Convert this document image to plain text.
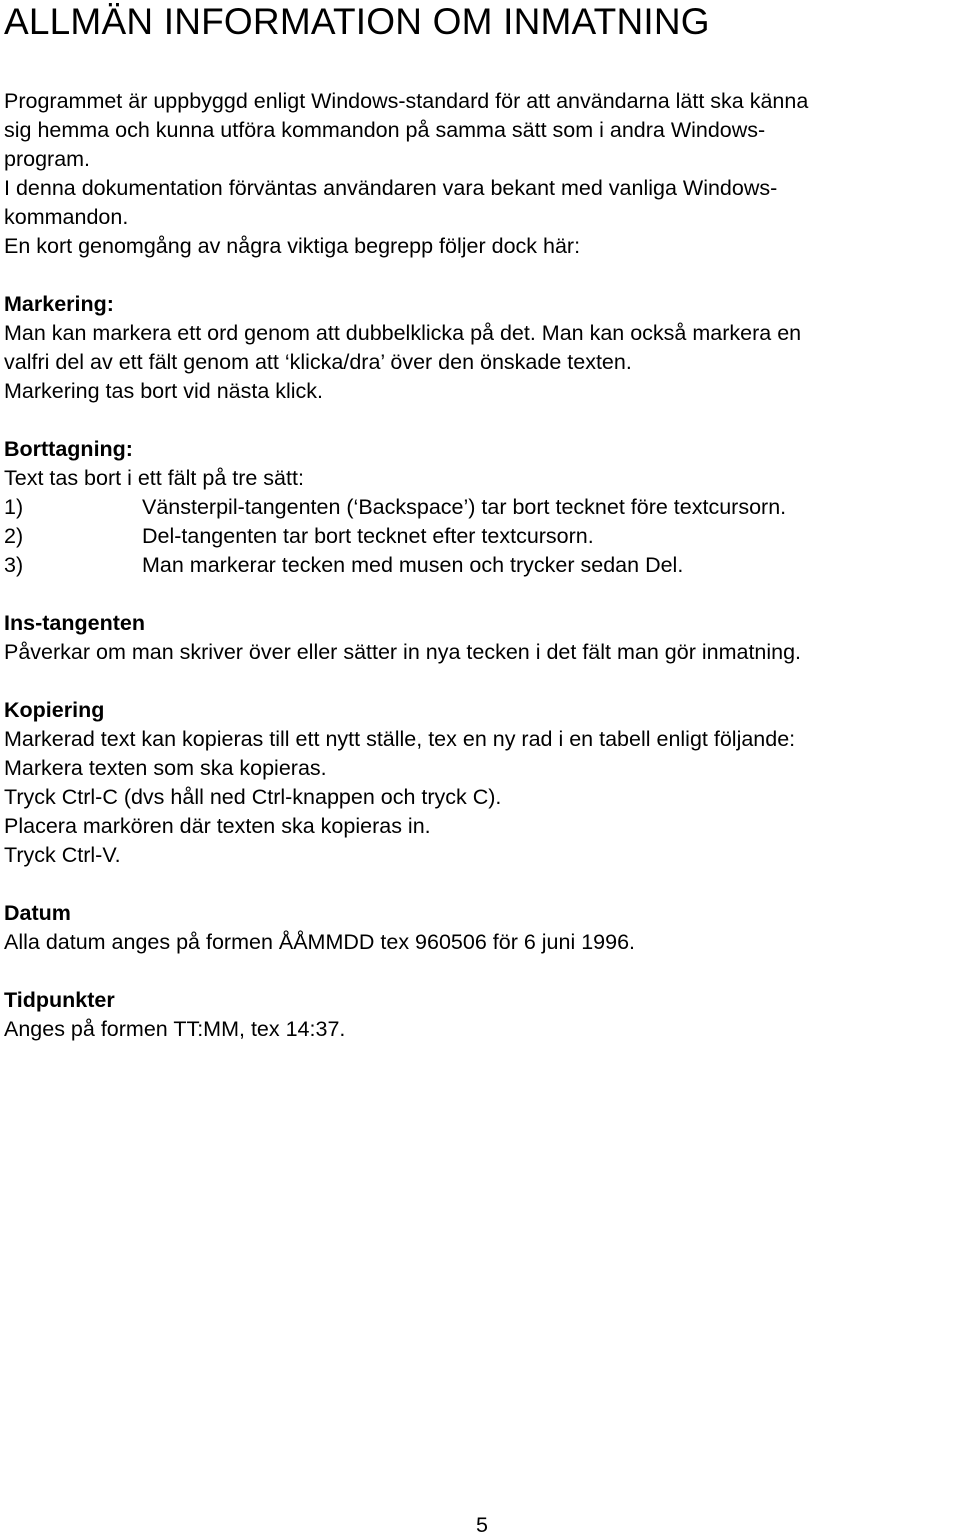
ALLMÄN INFORMATION OM INMATNING
Programmet är uppbyggd enligt Windows-standard för att användarna lätt ska känna
sig hemma och kunna utföra kommandon på samma sätt som i andra Windows-
program.
I denna dokumentation förväntas användaren vara bekant med vanliga Windows-
kommandon.
En kort genomgång av några viktiga begrepp följer dock här:
Markering:
Man kan markera ett ord genom att dubbelklicka på det. Man kan också markera en
valfri del av ett fält genom att ‘klicka/dra’ över den önskade texten.
Markering tas bort vid nästa klick.
Borttagning:
Text tas bort i ett fält på tre sätt:
1)	Vänsterpil-tangenten (‘Backspace’) tar bort tecknet före textcursorn.
2)	Del-tangenten tar bort tecknet efter textcursorn.
3)	Man markerar tecken med musen och trycker sedan Del.
Ins-tangenten
Påverkar om man skriver över eller sätter in nya tecken i det fält man gör inmatning.
Kopiering
Markerad text kan kopieras till ett nytt ställe, tex en ny rad i en tabell enligt följande:
Markera texten som ska kopieras.
Tryck Ctrl-C (dvs håll ned Ctrl-knappen och tryck C).
Placera markören där texten ska kopieras in.
Tryck Ctrl-V.
Datum
Alla datum anges på formen ÅÅMMDD tex 960506 för 6 juni 1996.
Tidpunkter
Anges på formen TT:MM, tex 14:37.
5
